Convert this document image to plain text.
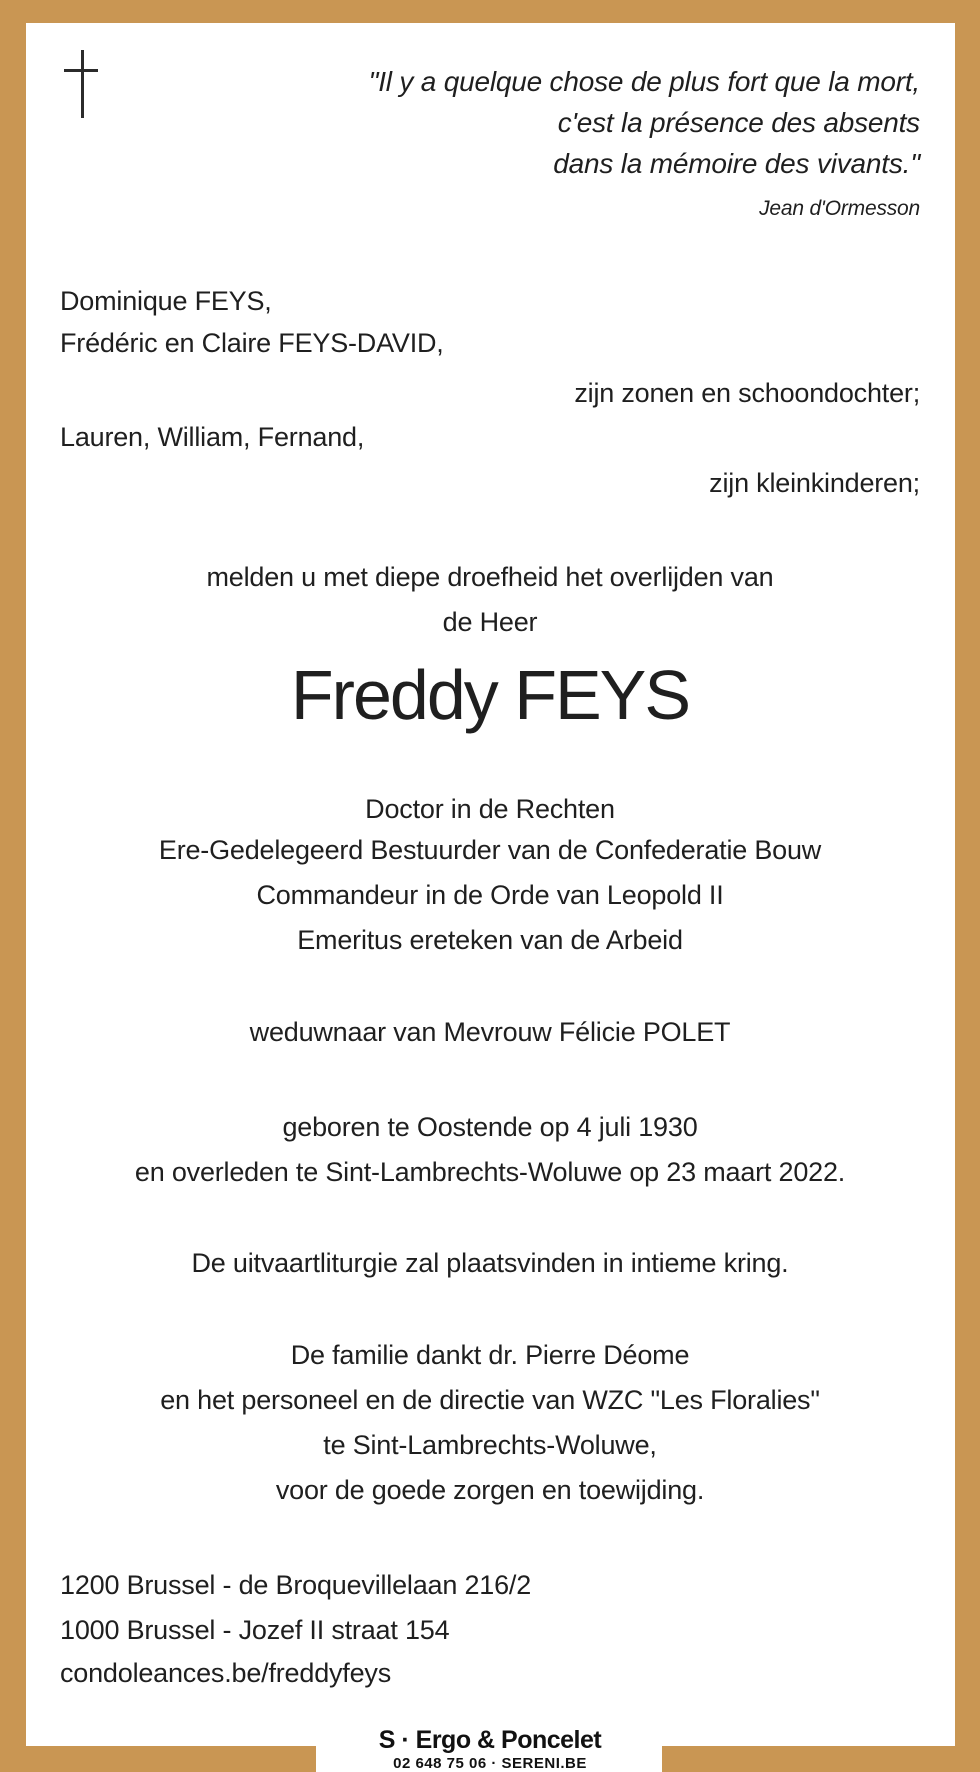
"Il y a quelque chose de plus fort que la mort,
c'est la présence des absents
dans la mémoire des vivants."
Jean d'Ormesson
Dominique FEYS,
Frédéric en Claire FEYS-DAVID,
zijn zonen en schoondochter;
Lauren, William, Fernand,
zijn kleinkinderen;
melden u met diepe droefheid het overlijden van
de Heer
Freddy FEYS
Doctor in de Rechten
Ere-Gedelegeerd Bestuurder van de Confederatie Bouw
Commandeur in de Orde van Leopold II
Emeritus ereteken van de Arbeid
weduwnaar van Mevrouw Félicie POLET
geboren te Oostende op 4 juli 1930
en overleden te Sint-Lambrechts-Woluwe op 23 maart 2022.
De uitvaartliturgie zal plaatsvinden in intieme kring.
De familie dankt dr. Pierre Déome
en het personeel en de directie van WZC "Les Floralies"
te Sint-Lambrechts-Woluwe,
voor de goede zorgen en toewijding.
1200 Brussel - de Broquevillelaan 216/2
1000 Brussel - Jozef II straat 154
condoleances.be/freddyfeys
S · Ergo & Poncelet
02 648 75 06 · SERENI.BE
